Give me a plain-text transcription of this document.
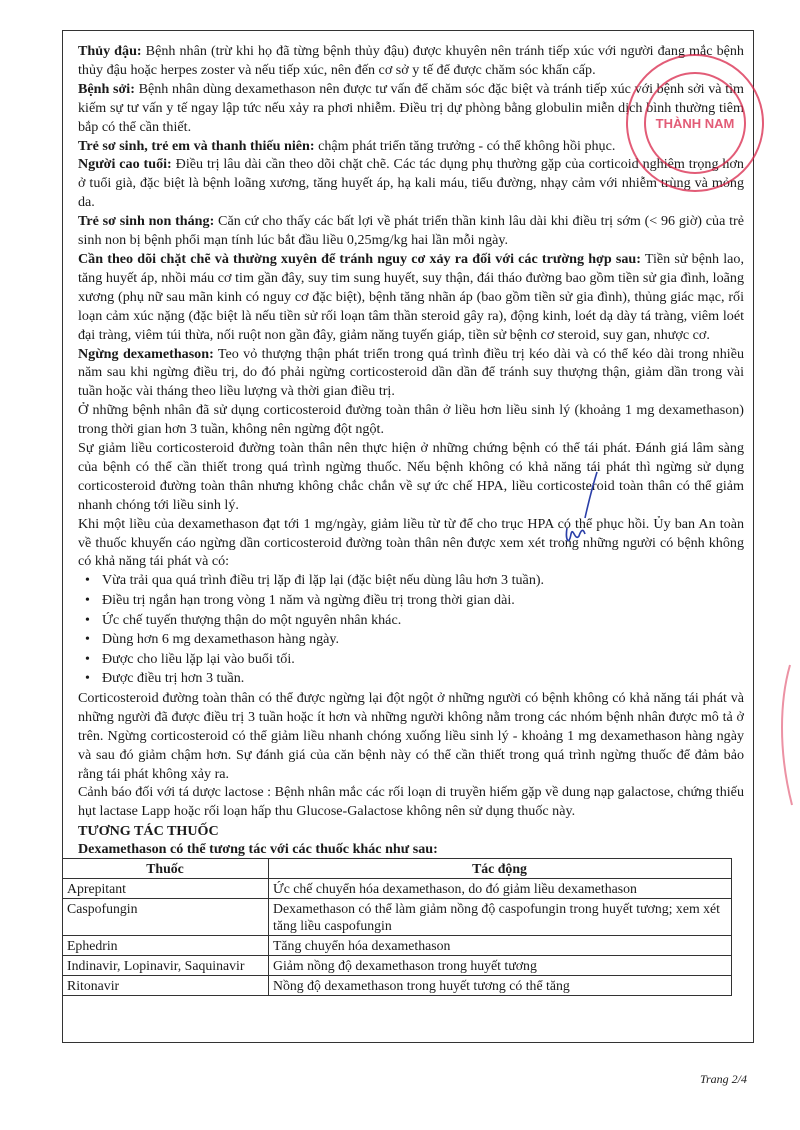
Thủy đậu: Bệnh nhân (trừ khi họ đã từng bệnh thủy đậu) được khuyên nên tránh tiếp xúc với người đang mắc bệnh thủy đậu hoặc herpes zoster và nếu tiếp xúc, nên đến cơ sở y tế để được chăm sóc khẩn cấp.

Bệnh sởi: Bệnh nhân dùng dexamethason nên được tư vấn để chăm sóc đặc biệt và tránh tiếp xúc với bệnh sởi và tìm kiếm sự tư vấn y tế ngay lập tức nếu xảy ra phơi nhiễm. Điều trị dự phòng bằng globulin miễn dịch bình thường tiêm bắp có thể cần thiết.

Trẻ sơ sinh, trẻ em và thanh thiếu niên: chậm phát triển tăng trưởng - có thể không hồi phục.

Người cao tuổi: Điều trị lâu dài cần theo dõi chặt chẽ. Các tác dụng phụ thường gặp của corticoid nghiêm trọng hơn ở tuổi già, đặc biệt là bệnh loãng xương, tăng huyết áp, hạ kali máu, tiểu đường, nhạy cảm với nhiễm trùng và mỏng da.

Trẻ sơ sinh non tháng: Căn cứ cho thấy các bất lợi về phát triển thần kinh lâu dài khi điều trị sớm (< 96 giờ) của trẻ sinh non bị bệnh phổi mạn tính lúc bắt đầu liều 0,25mg/kg hai lần mỗi ngày.

Cần theo dõi chặt chẽ và thường xuyên để tránh nguy cơ xảy ra đối với các trường hợp sau: Tiền sử bệnh lao, tăng huyết áp, nhồi máu cơ tim gần đây, suy tim sung huyết, suy thận, đái tháo đường bao gồm tiền sử gia đình, loãng xương (phụ nữ sau mãn kinh có nguy cơ đặc biệt), bệnh tăng nhãn áp (bao gồm tiền sử gia đình), thủng giác mạc, rối loạn cảm xúc nặng (đặc biệt là nếu tiền sử rối loạn tâm thần steroid gây ra), động kinh, loét dạ dày tá tràng, viêm loét đại tràng, viêm túi thừa, nối ruột non gần đây, giảm năng tuyến giáp, tiền sử bệnh cơ steroid, suy gan, nhược cơ.

Ngừng dexamethason: Teo vỏ thượng thận phát triển trong quá trình điều trị kéo dài và có thể kéo dài trong nhiều năm sau khi ngừng điều trị, do đó phải ngừng corticosteroid dần dần để tránh suy thượng thận, giảm dần trong vài tuần hoặc vài tháng theo liều lượng và thời gian điều trị.

Ở những bệnh nhân đã sử dụng corticosteroid đường toàn thân ở liều hơn liều sinh lý (khoảng 1 mg dexamethason) trong thời gian hơn 3 tuần, không nên ngừng đột ngột.

Sự giảm liều corticosteroid đường toàn thân nên thực hiện ở những chứng bệnh có thể tái phát. Đánh giá lâm sàng của bệnh có thể cần thiết trong quá trình ngừng thuốc. Nếu bệnh không có khả năng tái phát thì ngừng sử dụng corticosteroid đường toàn thân nhưng không chắc chắn về sự ức chế HPA, liều corticosteroid toàn thân có thể giảm nhanh chóng tới liều sinh lý.

Khi một liều của dexamethason đạt tới 1 mg/ngày, giảm liều từ từ để cho trục HPA có thể phục hồi. Ủy ban An toàn về thuốc khuyến cáo ngừng dần corticosteroid đường toàn thân nên được xem xét trong những người có bệnh không có khả năng tái phát và có:

• Vừa trải qua quá trình điều trị lặp đi lặp lại (đặc biệt nếu dùng lâu hơn 3 tuần).
• Điều trị ngắn hạn trong vòng 1 năm và ngừng điều trị trong thời gian dài.
• Ức chế tuyến thượng thận do một nguyên nhân khác.
• Dùng hơn 6 mg dexamethason hàng ngày.
• Được cho liều lặp lại vào buổi tối.
• Được điều trị hơn 3 tuần.

Corticosteroid đường toàn thân có thể được ngừng lại đột ngột ở những người có bệnh không có khả năng tái phát và những người đã được điều trị 3 tuần hoặc ít hơn và những người không nằm trong các nhóm bệnh nhân được mô tả ở trên. Ngừng corticosteroid có thể giảm liều nhanh chóng xuống liều sinh lý - khoảng 1 mg dexamethason hàng ngày và sau đó giảm chậm hơn. Sự đánh giá của căn bệnh này có thể cần thiết trong quá trình ngừng thuốc để đảm bảo rằng tái phát không xảy ra.

Cảnh báo đối với tá dược lactose : Bệnh nhân mắc các rối loạn di truyền hiếm gặp về dung nạp galactose, chứng thiếu hụt lactase Lapp hoặc rối loạn hấp thu Glucose-Galactose không nên sử dụng thuốc này.

TƯƠNG TÁC THUỐC
Dexamethason có thể tương tác với các thuốc khác như sau:
Thuốc	Tác động
Aprepitant	Ức chế chuyển hóa dexamethason, do đó giảm liều dexamethason
Caspofungin	Dexamethason có thể làm giảm nồng độ caspofungin trong huyết tương; xem xét tăng liều caspofungin
Ephedrin	Tăng chuyển hóa dexamethason
Indinavir, Lopinavir, Saquinavir	Giảm nồng độ dexamethason trong huyết tương
Ritonavir	Nồng độ dexamethason trong huyết tương có thể tăng
Trang 2/4
THÀNH NAM
